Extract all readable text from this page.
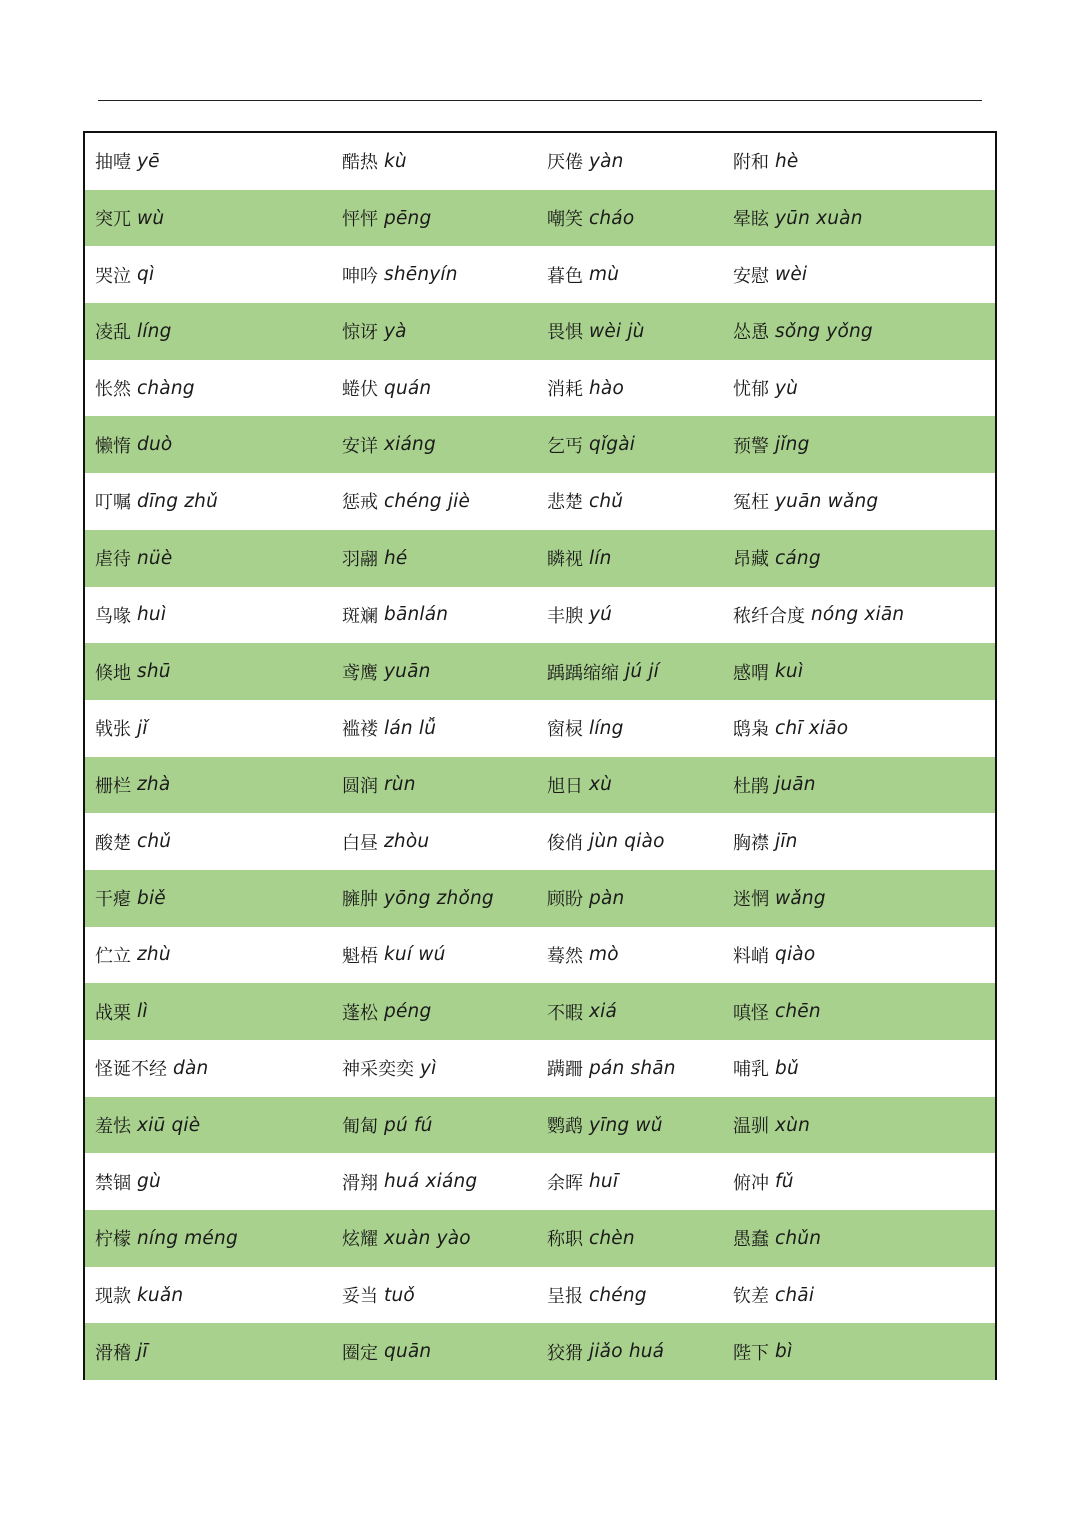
抽噎 yē	酷热 kù	厌倦 yàn	附和 hè
突兀 wù	怦怦 pēng	嘲笑 cháo	晕眩 yūn xuàn
哭泣 qì	呻吟 shēnyín	暮色 mù	安慰 wèi
凌乱 líng	惊讶 yà	畏惧 wèi jù	怂恿 sǒng yǒng
怅然 chàng	蜷伏 quán	消耗 hào	忧郁 yù
懒惰 duò	安详 xiáng	乞丐 qǐgài	预警 jǐng
叮嘱 dīng zhǔ	惩戒 chéng jiè	悲楚 chǔ	冤枉 yuān wǎng
虐待 nüè	羽翮 hé	瞵视 lín	昂藏 cáng
鸟喙 huì	斑斓 bānlán	丰腴 yú	秾纤合度 nóng xiān
倏地 shū	鸢鹰 yuān	踽踽缩缩 jú jí	感喟 kuì
戟张 jǐ	褴褛 lán lǚ	窗棂 líng	鸱枭 chī xiāo
栅栏 zhà	圆润 rùn	旭日 xù	杜鹃 juān
酸楚 chǔ	白昼 zhòu	俊俏 jùn qiào	胸襟 jīn
干瘪 biě	臃肿 yōng zhǒng	顾盼 pàn	迷惘 wǎng
伫立 zhù	魁梧 kuí wú	蓦然 mò	料峭 qiào
战栗 lì	蓬松 péng	不暇 xiá	嗔怪 chēn
怪诞不经 dàn	神采奕奕 yì	蹒跚 pán shān	哺乳 bǔ
羞怯 xiū qiè	匍匐 pú fú	鹦鹉 yīng wǔ	温驯 xùn
禁锢 gù	滑翔 huá xiáng	余晖 huī	俯冲 fǔ
柠檬 níng méng	炫耀 xuàn yào	称职 chèn	愚蠢 chǔn
现款 kuǎn	妥当 tuǒ	呈报 chéng	钦差 chāi
滑稽 jī	圈定 quān	狡猾 jiǎo huá	陛下 bì
